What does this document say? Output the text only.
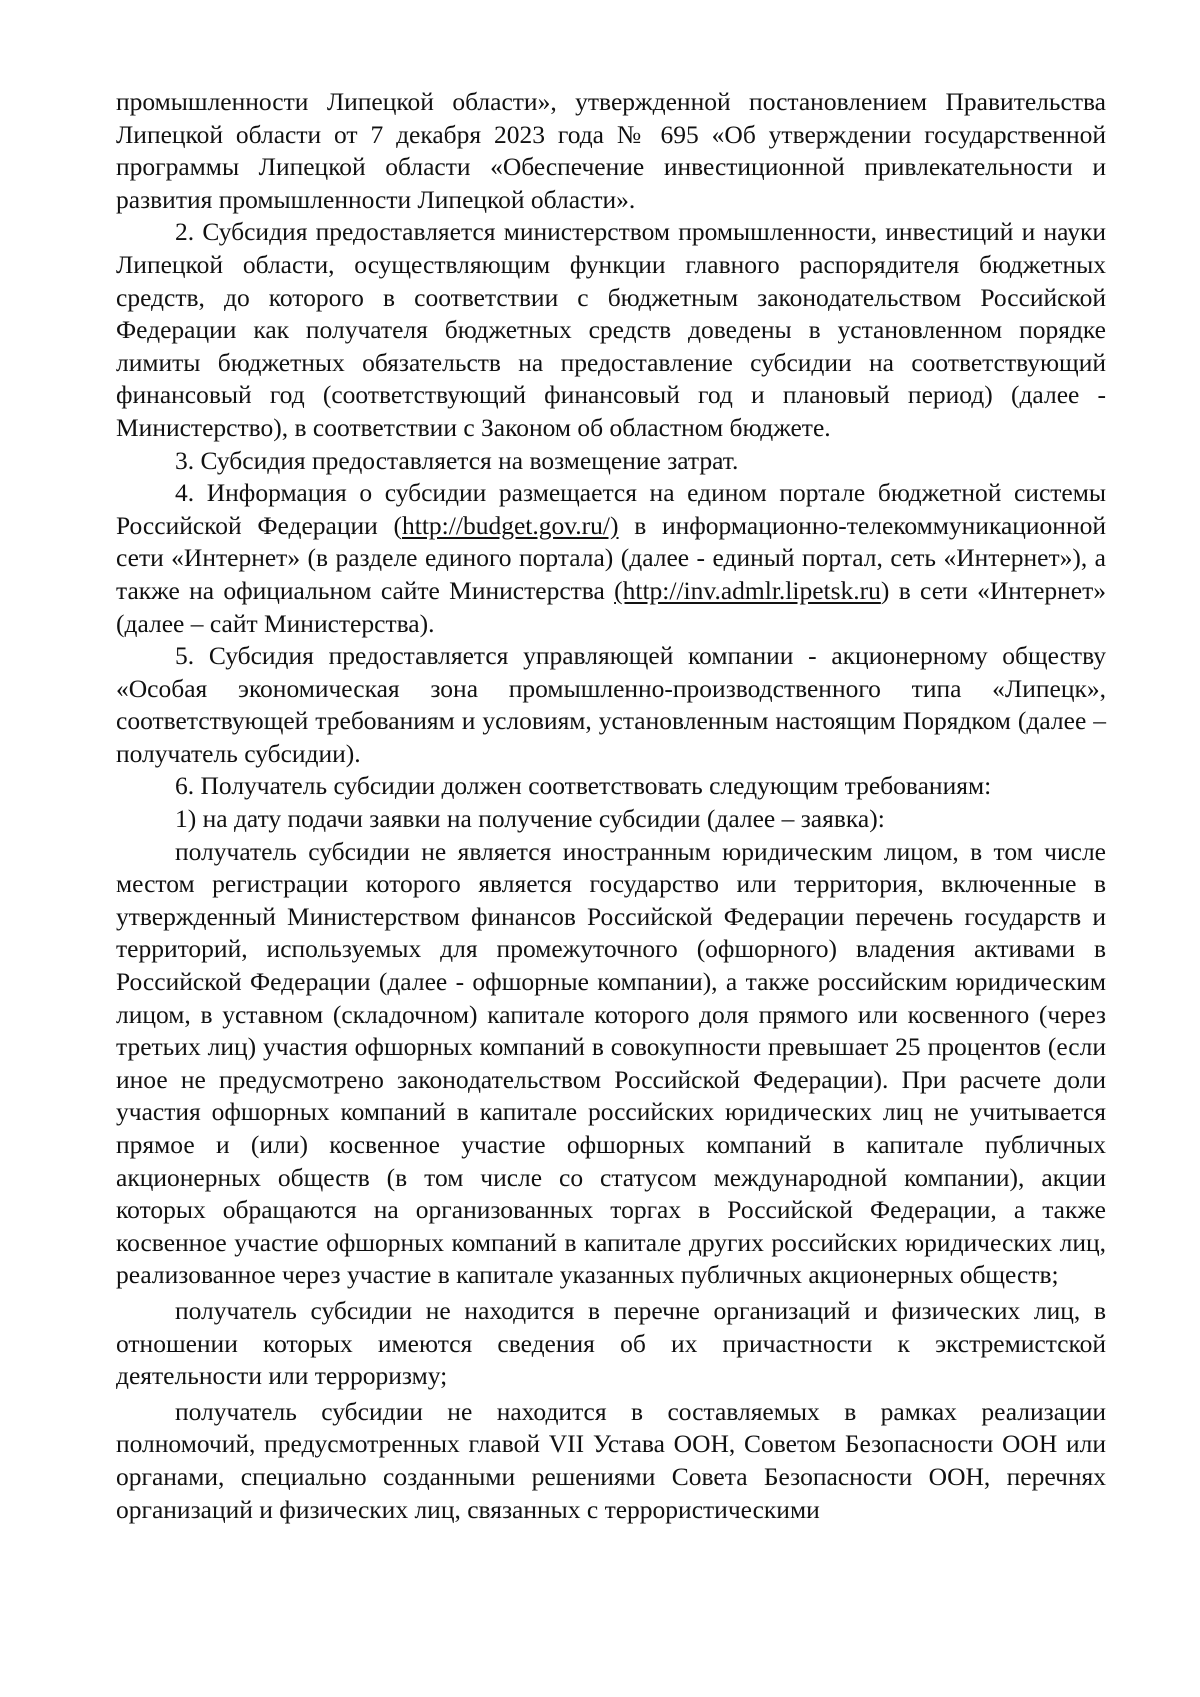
промышленности Липецкой области», утвержденной постановлением Правительства Липецкой области от 7 декабря 2023 года № 695 «Об утверждении государственной программы Липецкой области «Обеспечение инвестиционной привлекательности и развития промышленности Липецкой области».

2. Субсидия предоставляется министерством промышленности, инвестиций и науки Липецкой области, осуществляющим функции главного распорядителя бюджетных средств, до которого в соответствии с бюджетным законодательством Российской Федерации как получателя бюджетных средств доведены в установленном порядке лимиты бюджетных обязательств на предоставление субсидии на соответствующий финансовый год (соответствующий финансовый год и плановый период) (далее - Министерство), в соответствии с Законом об областном бюджете.

3. Субсидия предоставляется на возмещение затрат.

4. Информация о субсидии размещается на едином портале бюджетной системы Российской Федерации (http://budget.gov.ru/) в информационно-телекоммуникационной сети «Интернет» (в разделе единого портала) (далее - единый портал, сеть «Интернет»), а также на официальном сайте Министерства (http://inv.admlr.lipetsk.ru) в сети «Интернет» (далее – сайт Министерства).

5. Субсидия предоставляется управляющей компании - акционерному обществу «Особая экономическая зона промышленно-производственного типа «Липецк», соответствующей требованиям и условиям, установленным настоящим Порядком (далее – получатель субсидии).

6. Получатель субсидии должен соответствовать следующим требованиям:

1) на дату подачи заявки на получение субсидии (далее – заявка):

получатель субсидии не является иностранным юридическим лицом, в том числе местом регистрации которого является государство или территория, включенные в утвержденный Министерством финансов Российской Федерации перечень государств и территорий, используемых для промежуточного (офшорного) владения активами в Российской Федерации (далее - офшорные компании), а также российским юридическим лицом, в уставном (складочном) капитале которого доля прямого или косвенного (через третьих лиц) участия офшорных компаний в совокупности превышает 25 процентов (если иное не предусмотрено законодательством Российской Федерации). При расчете доли участия офшорных компаний в капитале российских юридических лиц не учитывается прямое и (или) косвенное участие офшорных компаний в капитале публичных акционерных обществ (в том числе со статусом международной компании), акции которых обращаются на организованных торгах в Российской Федерации, а также косвенное участие офшорных компаний в капитале других российских юридических лиц, реализованное через участие в капитале указанных публичных акционерных обществ;

получатель субсидии не находится в перечне организаций и физических лиц, в отношении которых имеются сведения об их причастности к экстремистской деятельности или терроризму;

получатель субсидии не находится в составляемых в рамках реализации полномочий, предусмотренных главой VII Устава ООН, Советом Безопасности ООН или органами, специально созданными решениями Совета Безопасности ООН, перечнях организаций и физических лиц, связанных с террористическими
